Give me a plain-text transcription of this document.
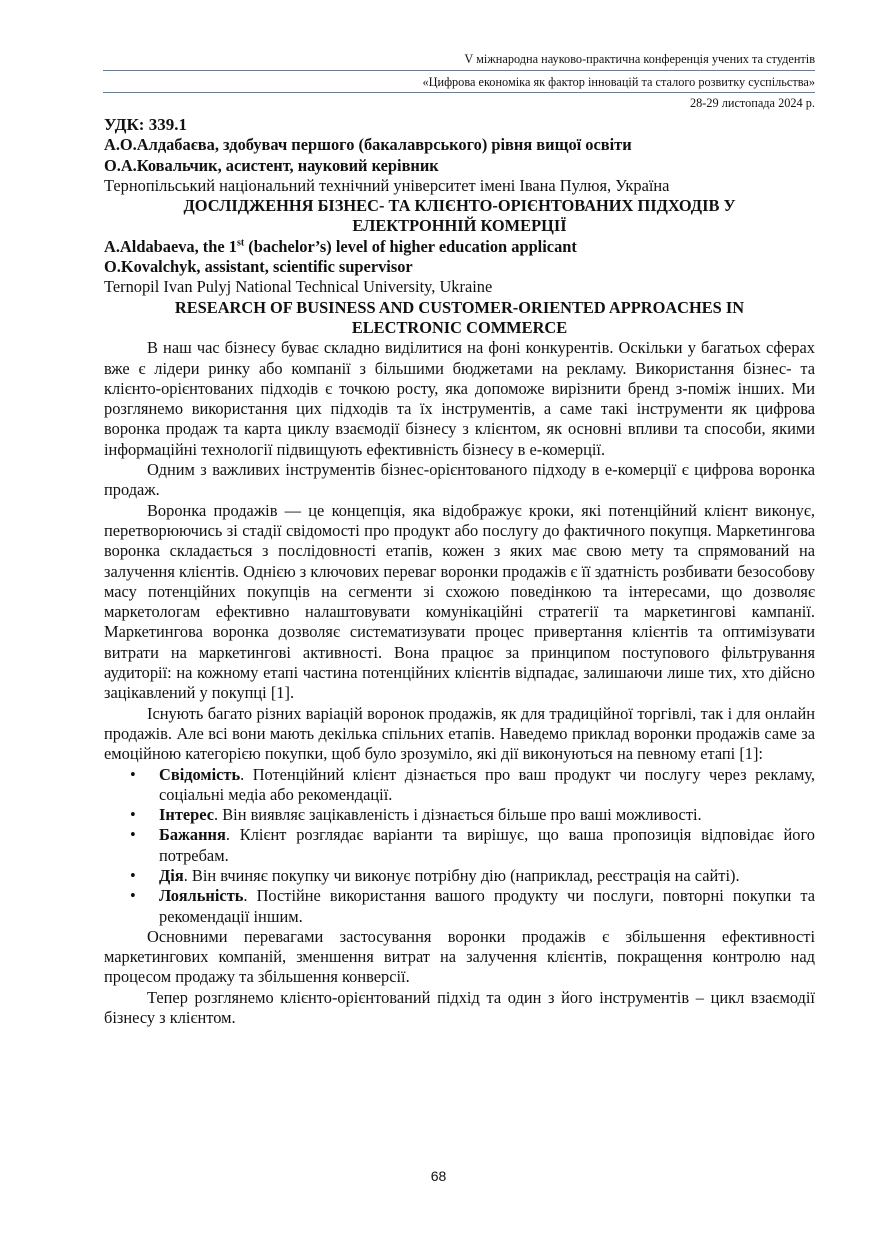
V міжнародна науково-практична конференція учених та студентів
«Цифрова економіка як фактор інновацій та сталого розвитку суспільства»
28-29 листопада 2024 р.

УДК: 339.1

А.О.Алдабаєва, здобувач першого (бакалаврського) рівня вищої освіти

О.А.Ковальчик, асистент, науковий керівник

Тернопільський національний технічний університет імені Івана Пулюя, Україна

ДОСЛІДЖЕННЯ БІЗНЕС- ТА КЛІЄНТО-ОРІЄНТОВАНИХ ПІДХОДІВ У ЕЛЕКТРОННІЙ КОМЕРЦІЇ

A.Aldabaeva, the 1st (bachelor’s) level of higher education applicant

O.Kovalchyk, assistant, scientific supervisor

Ternopil Ivan Pulyj National Technical University, Ukraine

RESEARCH OF BUSINESS AND CUSTOMER-ORIENTED APPROACHES IN ELECTRONIC COMMERCE

В наш час бізнесу буває складно виділитися на фоні конкурентів. Оскільки у багатьох сферах вже є лідери ринку або компанії з більшими бюджетами на рекламу. Використання бізнес- та клієнто-орієнтованих підходів є точкою росту, яка допоможе вирізнити бренд з-поміж інших. Ми розглянемо використання цих підходів та їх інструментів, а саме такі інструменти як цифрова воронка продаж та карта циклу взаємодії бізнесу з клієнтом, як основні впливи та способи, якими інформаційні технології підвищують ефективність бізнесу в е-комерції.

Одним з важливих інструментів бізнес-орієнтованого підходу в е-комерції є цифрова воронка продаж.

Воронка продажів — це концепція, яка відображує кроки, які потенційний клієнт виконує, перетворюючись зі стадії свідомості про продукт або послугу до фактичного покупця. Маркетингова воронка складається з послідовності етапів, кожен з яких має свою мету та спрямований на залучення клієнтів. Однією з ключових переваг воронки продажів є її здатність розбивати безособову масу потенційних покупців на сегменти зі схожою поведінкою та інтересами, що дозволяє маркетологам ефективно налаштовувати комунікаційні стратегії та маркетингові кампанії. Маркетингова воронка дозволяє систематизувати процес привертання клієнтів та оптимізувати витрати на маркетингові активності. Вона працює за принципом поступового фільтрування аудиторії: на кожному етапі частина потенційних клієнтів відпадає, залишаючи лише тих, хто дійсно зацікавлений у покупці [1].

Існують багато різних варіацій воронок продажів, як для традиційної торгівлі, так і для онлайн продажів. Але всі вони мають декілька спільних етапів. Наведемо приклад воронки продажів саме за емоційною категорією покупки, щоб було зрозуміло, які дії виконуються на певному етапі [1]:

• Свідомість. Потенційний клієнт дізнається про ваш продукт чи послугу через рекламу, соціальні медіа або рекомендації.
• Інтерес. Він виявляє зацікавленість і дізнається більше про ваші можливості.
• Бажання. Клієнт розглядає варіанти та вирішує, що ваша пропозиція відповідає його потребам.
• Дія. Він вчиняє покупку чи виконує потрібну дію (наприклад, реєстрація на сайті).
• Лояльність. Постійне використання вашого продукту чи послуги, повторні покупки та рекомендації іншим.

Основними перевагами застосування воронки продажів є збільшення ефективності маркетингових компаній, зменшення витрат на залучення клієнтів, покращення контролю над процесом продажу та збільшення конверсії.

Тепер розглянемо клієнто-орієнтований підхід та один з його інструментів – цикл взаємодії бізнесу з клієнтом.

68
